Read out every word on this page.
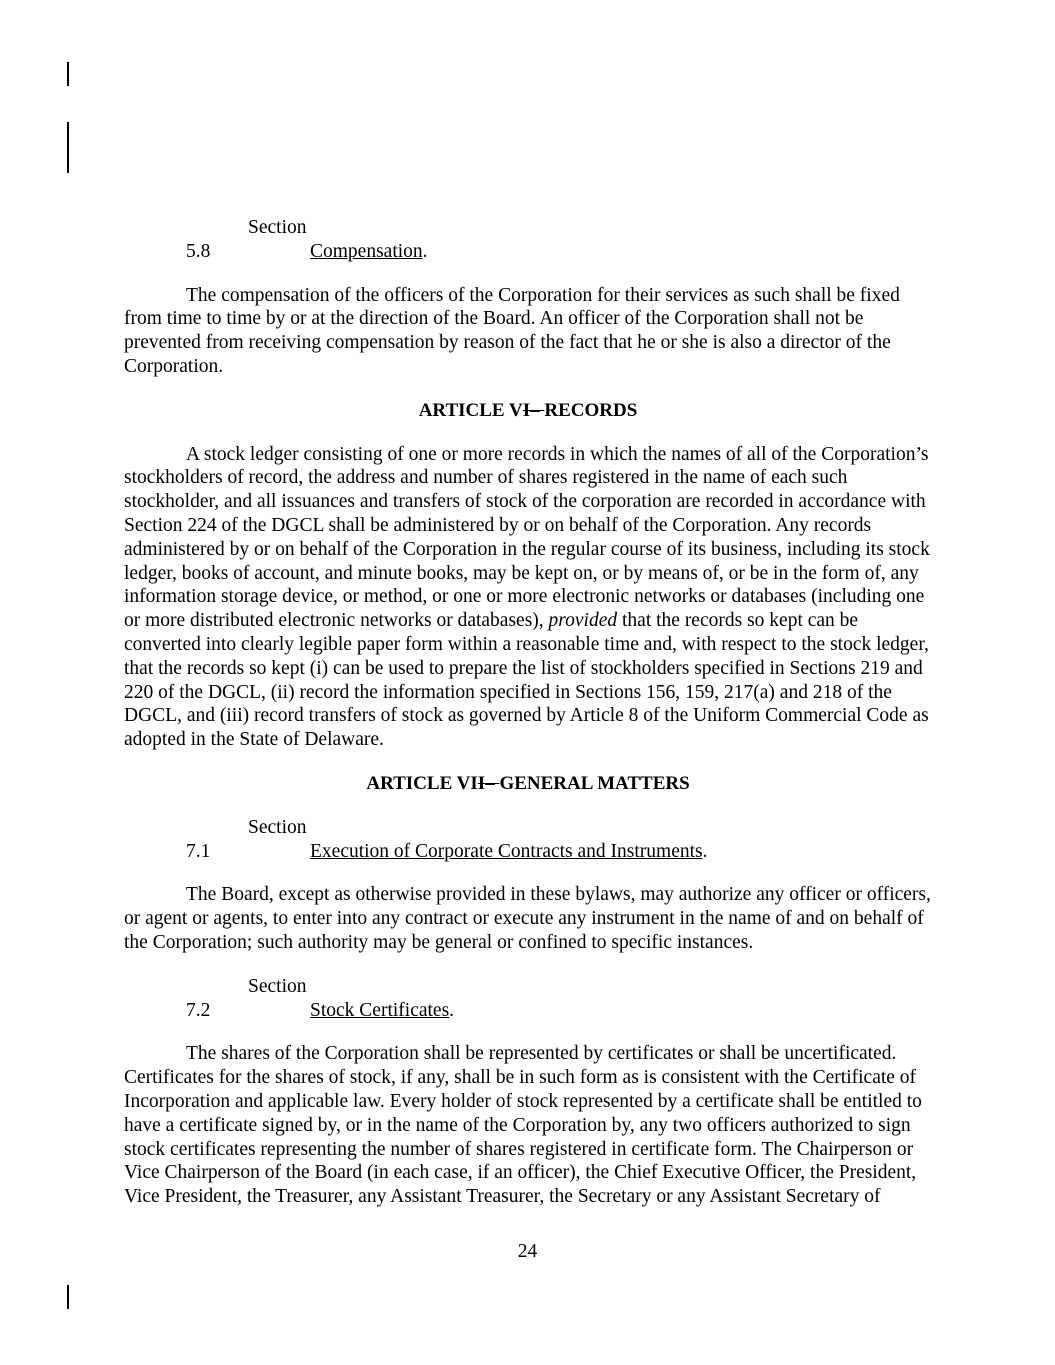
Section 5.8	Compensation.

The compensation of the officers of the Corporation for their services as such shall be fixed from time to time by or at the direction of the Board. An officer of the Corporation shall not be prevented from receiving compensation by reason of the fact that he or she is also a director of the Corporation.

ARTICLE VI– RECORDS

A stock ledger consisting of one or more records in which the names of all of the Corporation’s stockholders of record, the address and number of shares registered in the name of each such stockholder, and all issuances and transfers of stock of the corporation are recorded in accordance with Section 224 of the DGCL shall be administered by or on behalf of the Corporation. Any records administered by or on behalf of the Corporation in the regular course of its business, including its stock ledger, books of account, and minute books, may be kept on, or by means of, or be in the form of, any information storage device, or method, or one or more electronic networks or databases (including one or more distributed electronic networks or databases), provided that the records so kept can be converted into clearly legible paper form within a reasonable time and, with respect to the stock ledger, that the records so kept (i) can be used to prepare the list of stockholders specified in Sections 219 and 220 of the DGCL, (ii) record the information specified in Sections 156, 159, 217(a) and 218 of the DGCL, and (iii) record transfers of stock as governed by Article 8 of the Uniform Commercial Code as adopted in the State of Delaware.

ARTICLE VII– GENERAL MATTERS

Section 7.1	Execution of Corporate Contracts and Instruments.

The Board, except as otherwise provided in these bylaws, may authorize any officer or officers, or agent or agents, to enter into any contract or execute any instrument in the name of and on behalf of the Corporation; such authority may be general or confined to specific instances.

Section 7.2	Stock Certificates.

The shares of the Corporation shall be represented by certificates or shall be uncertificated. Certificates for the shares of stock, if any, shall be in such form as is consistent with the Certificate of Incorporation and applicable law. Every holder of stock represented by a certificate shall be entitled to have a certificate signed by, or in the name of the Corporation by, any two officers authorized to sign stock certificates representing the number of shares registered in certificate form. The Chairperson or Vice Chairperson of the Board (in each case, if an officer), the Chief Executive Officer, the President, Vice President, the Treasurer, any Assistant Treasurer, the Secretary or any Assistant Secretary of

24
